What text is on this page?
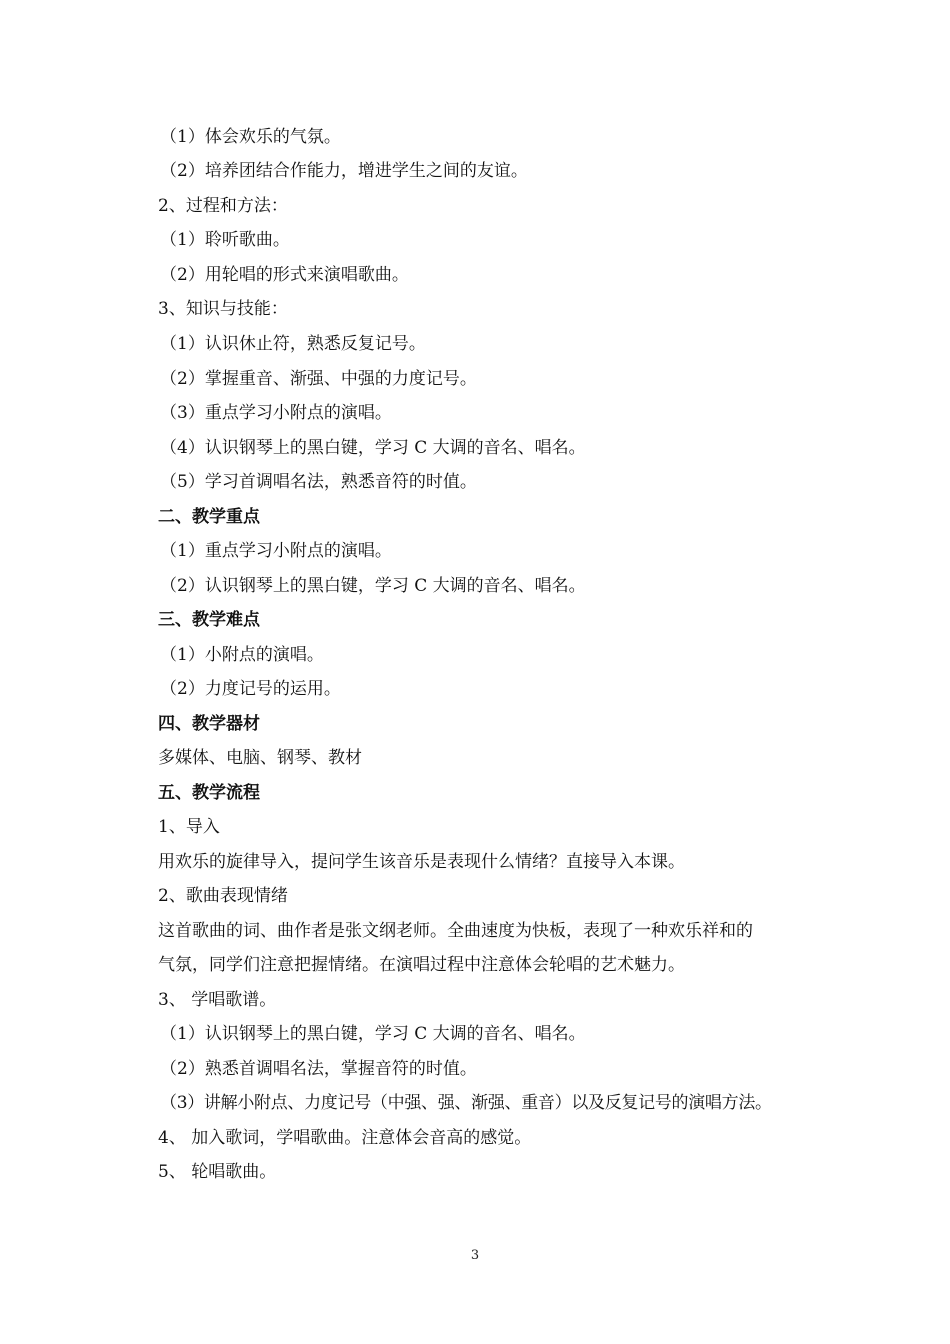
（1）体会欢乐的气氛。
（2）培养团结合作能力，增进学生之间的友谊。
2、过程和方法：
（1）聆听歌曲。
（2）用轮唱的形式来演唱歌曲。
3、知识与技能：
（1）认识休止符，熟悉反复记号。
（2）掌握重音、渐强、中强的力度记号。
（3）重点学习小附点的演唱。
（4）认识钢琴上的黑白键，学习 C 大调的音名、唱名。
（5）学习首调唱名法，熟悉音符的时值。
二、教学重点
（1）重点学习小附点的演唱。
（2）认识钢琴上的黑白键，学习 C 大调的音名、唱名。
三、教学难点
（1）小附点的演唱。
（2）力度记号的运用。
四、教学器材
多媒体、电脑、钢琴、教材
五、教学流程
1、导入
用欢乐的旋律导入，提问学生该音乐是表现什么情绪？直接导入本课。
2、歌曲表现情绪
这首歌曲的词、曲作者是张文纲老师。全曲速度为快板，表现了一种欢乐祥和的
气氛，同学们注意把握情绪。在演唱过程中注意体会轮唱的艺术魅力。
3、 学唱歌谱。
（1）认识钢琴上的黑白键，学习 C 大调的音名、唱名。
（2）熟悉首调唱名法，掌握音符的时值。
（3）讲解小附点、力度记号（中强、强、渐强、重音）以及反复记号的演唱方法。
4、 加入歌词，学唱歌曲。注意体会音高的感觉。
5、 轮唱歌曲。
3
